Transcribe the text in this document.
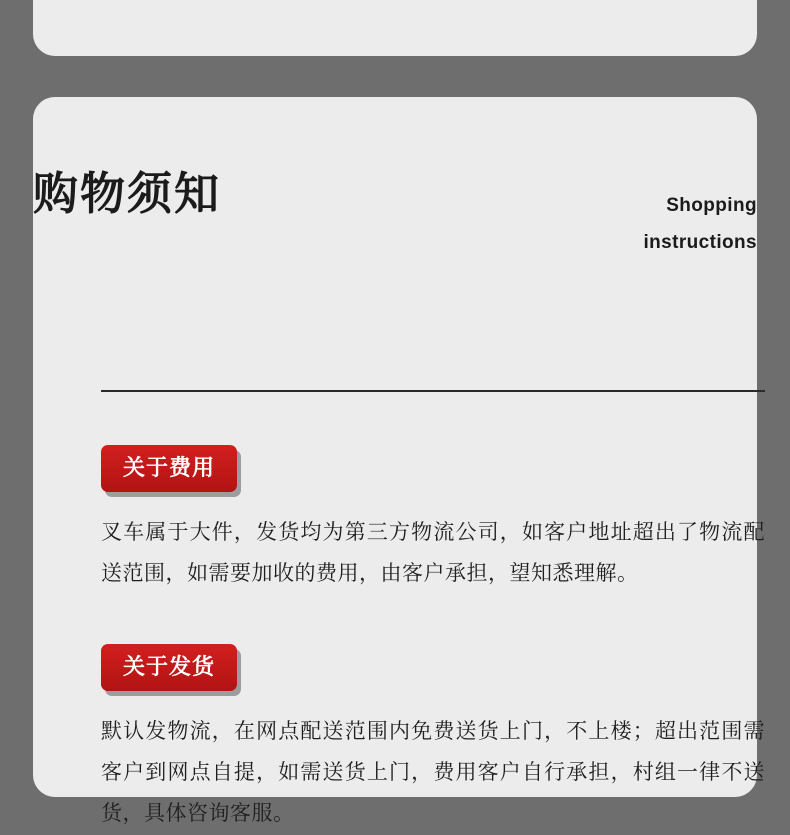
购物须知	Shopping
instructions
关于费用
叉车属于大件，发货均为第三方物流公司，如客户地址超出了物流配送范围，如需要加收的费用，由客户承担，望知悉理解。
关于发货
默认发物流，在网点配送范围内免费送货上门，不上楼；超出范围需客户到网点自提，如需送货上门，费用客户自行承担，村组一律不送货，具体咨询客服。
